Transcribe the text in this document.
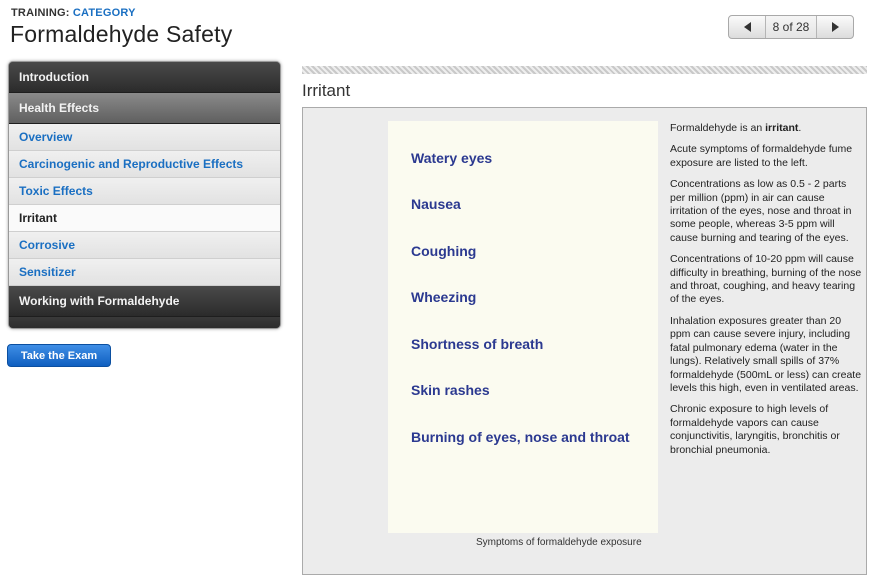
TRAINING: CATEGORY
Formaldehyde Safety	8 of 28
Introduction
Health Effects
Overview
Carcinogenic and Reproductive Effects
Toxic Effects
Irritant
Corrosive
Sensitizer
Working with Formaldehyde
Take the Exam
Irritant
Watery eyes
Nausea
Coughing
Wheezing
Shortness of breath
Skin rashes
Burning of eyes, nose and throat
Symptoms of formaldehyde exposure

Formaldehyde is an irritant.

Acute symptoms of formaldehyde fume exposure are listed to the left.

Concentrations as low as 0.5 - 2 parts per million (ppm) in air can cause irritation of the eyes, nose and throat in some people, whereas 3-5 ppm will cause burning and tearing of the eyes.

Concentrations of 10-20 ppm will cause difficulty in breathing, burning of the nose and throat, coughing, and heavy tearing of the eyes.

Inhalation exposures greater than 20 ppm can cause severe injury, including fatal pulmonary edema (water in the lungs). Relatively small spills of 37% formaldehyde (500mL or less) can create levels this high, even in ventilated areas.

Chronic exposure to high levels of formaldehyde vapors can cause conjunctivitis, laryngitis, bronchitis or bronchial pneumonia.
